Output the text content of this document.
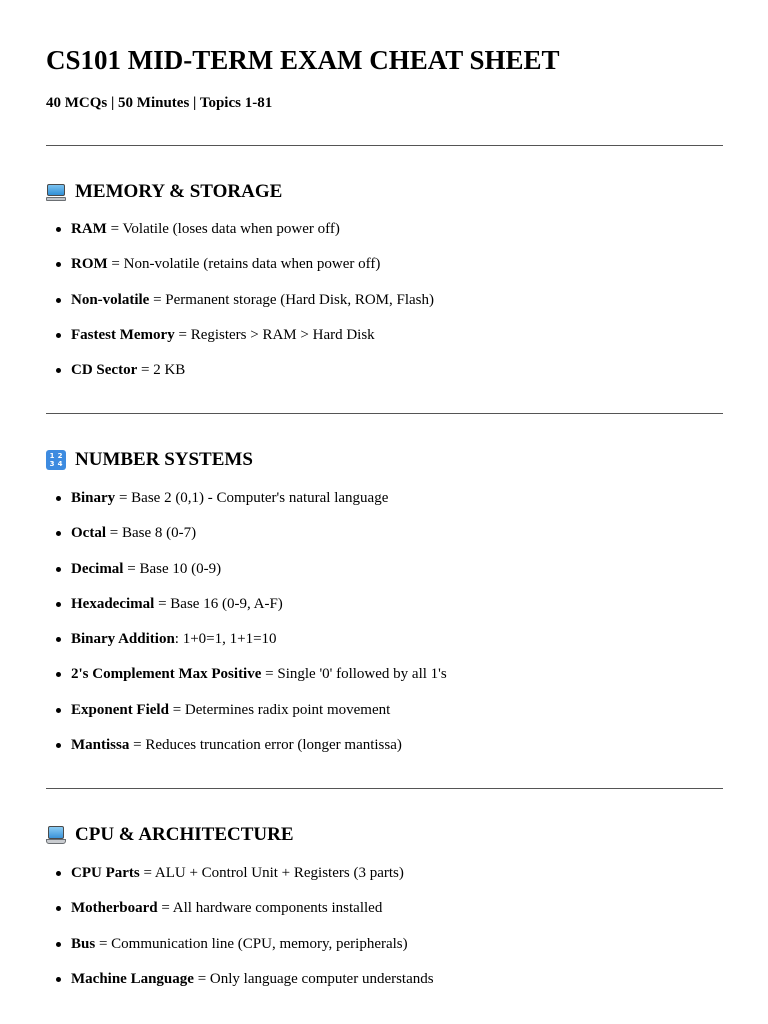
CS101 MID-TERM EXAM CHEAT SHEET
40 MCQs | 50 Minutes | Topics 1-81
MEMORY & STORAGE
RAM = Volatile (loses data when power off)
ROM = Non-volatile (retains data when power off)
Non-volatile = Permanent storage (Hard Disk, ROM, Flash)
Fastest Memory = Registers > RAM > Hard Disk
CD Sector = 2 KB
1 2
3 4 NUMBER SYSTEMS
Binary = Base 2 (0,1) - Computer's natural language
Octal = Base 8 (0-7)
Decimal = Base 10 (0-9)
Hexadecimal = Base 16 (0-9, A-F)
Binary Addition: 1+0=1, 1+1=10
2's Complement Max Positive = Single '0' followed by all 1's
Exponent Field = Determines radix point movement
Mantissa = Reduces truncation error (longer mantissa)
CPU & ARCHITECTURE
CPU Parts = ALU + Control Unit + Registers (3 parts)
Motherboard = All hardware components installed
Bus = Communication line (CPU, memory, peripherals)
Machine Language = Only language computer understands
